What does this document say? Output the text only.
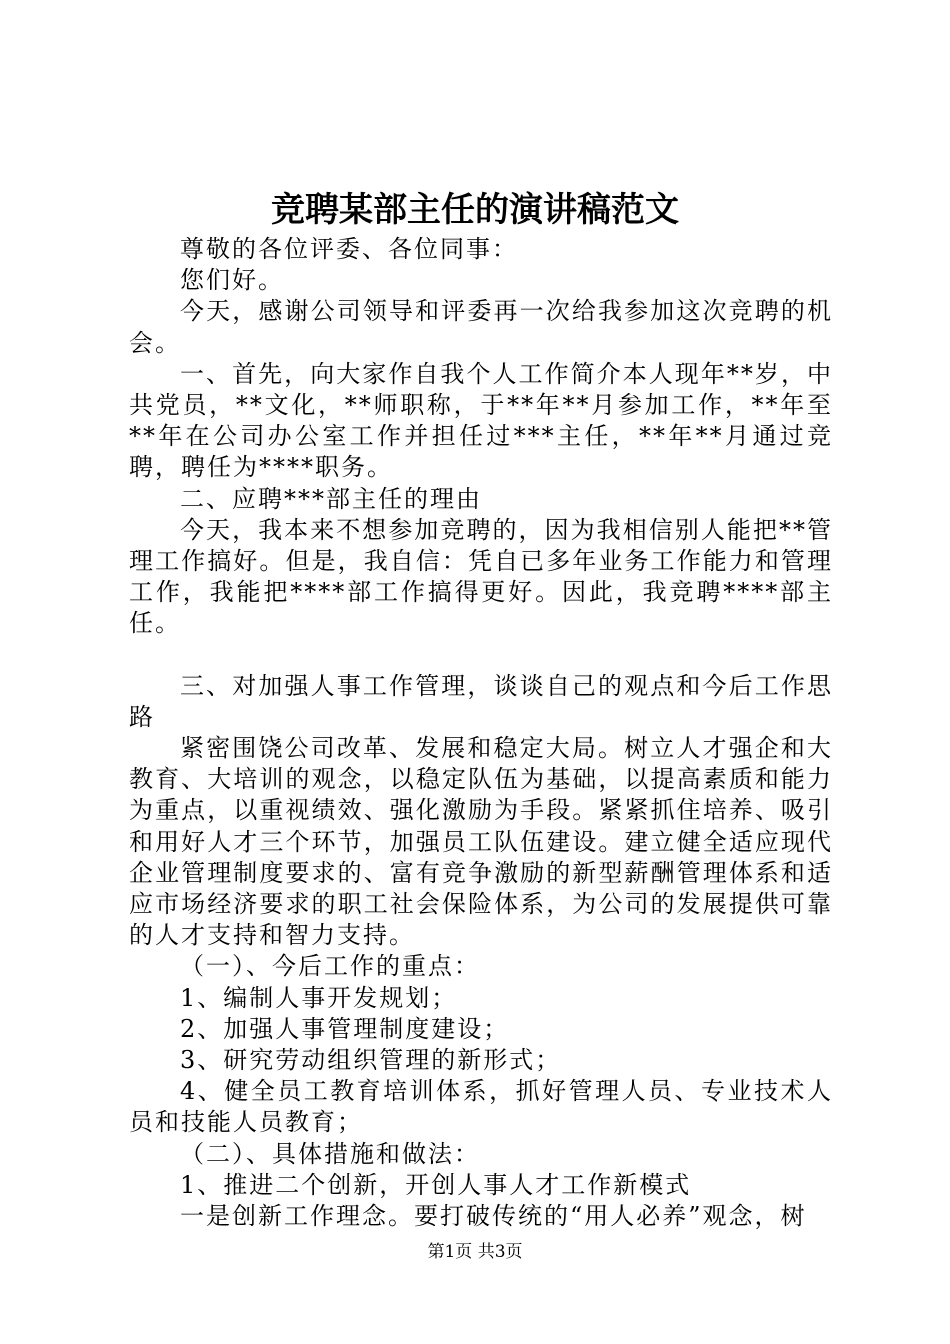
竞聘某部主任的演讲稿范文

尊敬的各位评委、各位同事：

您们好。

今天，感谢公司领导和评委再一次给我参加这次竞聘的机会。

一、首先，向大家作自我个人工作简介本人现年**岁，中共党员，**文化，**师职称，于**年**月参加工作，**年至**年在公司办公室工作并担任过***主任，**年**月通过竞聘，聘任为****职务。

二、应聘***部主任的理由

今天，我本来不想参加竞聘的，因为我相信别人能把**管理工作搞好。但是，我自信：凭自已多年业务工作能力和管理工作，我能把****部工作搞得更好。因此，我竞聘****部主任。

三、对加强人事工作管理，谈谈自己的观点和今后工作思路

紧密围饶公司改革、发展和稳定大局。树立人才强企和大教育、大培训的观念，以稳定队伍为基础，以提高素质和能力为重点，以重视绩效、强化激励为手段。紧紧抓住培养、吸引和用好人才三个环节，加强员工队伍建设。建立健全适应现代企业管理制度要求的、富有竞争激励的新型薪酬管理体系和适应市场经济要求的职工社会保险体系，为公司的发展提供可靠的人才支持和智力支持。

（一）、今后工作的重点：

1、编制人事开发规划；

2、加强人事管理制度建设；

3、研究劳动组织管理的新形式；

4、健全员工教育培训体系，抓好管理人员、专业技术人员和技能人员教育；

（二）、具体措施和做法：

1、推进二个创新，开创人事人才工作新模式

一是创新工作理念。要打破传统的“用人必养”观念，树

第1页 共3页
